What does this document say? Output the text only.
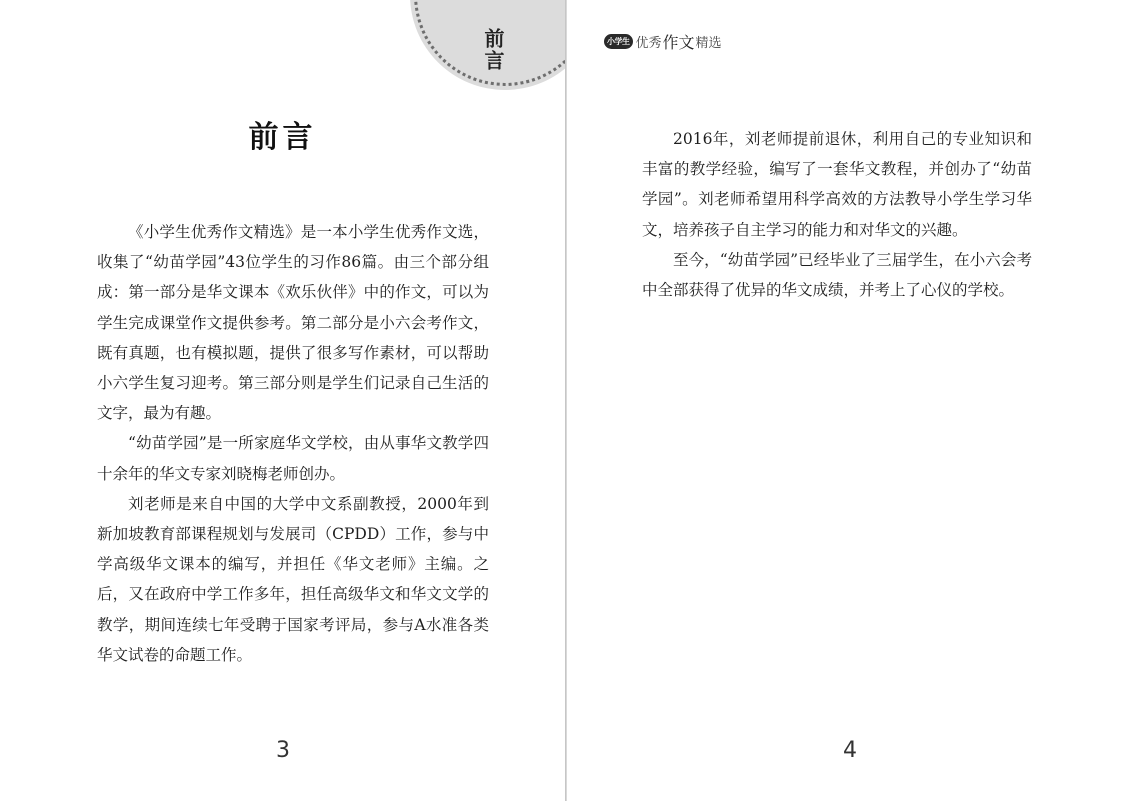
前言
前言

《小学生优秀作文精选》是一本小学生优秀作文选，收集了“幼苗学园”43位学生的习作86篇。由三个部分组成：第一部分是华文课本《欢乐伙伴》中的作文，可以为学生完成课堂作文提供参考。第二部分是小六会考作文，既有真题，也有模拟题，提供了很多写作素材，可以帮助小六学生复习迎考。第三部分则是学生们记录自己生活的文字，最为有趣。

“幼苗学园”是一所家庭华文学校，由从事华文教学四十余年的华文专家刘晓梅老师创办。

刘老师是来自中国的大学中文系副教授，2000年到新加坡教育部课程规划与发展司（CPDD）工作，参与中学高级华文课本的编写，并担任《华文老师》主编。之后，又在政府中学工作多年，担任高级华文和华文文学的教学，期间连续七年受聘于国家考评局，参与A水准各类华文试卷的命题工作。

3
小学生 优秀 作文 精选

2016年，刘老师提前退休，利用自己的专业知识和丰富的教学经验，编写了一套华文教程，并创办了“幼苗学园”。刘老师希望用科学高效的方法教导小学生学习华文，培养孩子自主学习的能力和对华文的兴趣。

至今，“幼苗学园”已经毕业了三届学生，在小六会考中全部获得了优异的华文成绩，并考上了心仪的学校。

4
